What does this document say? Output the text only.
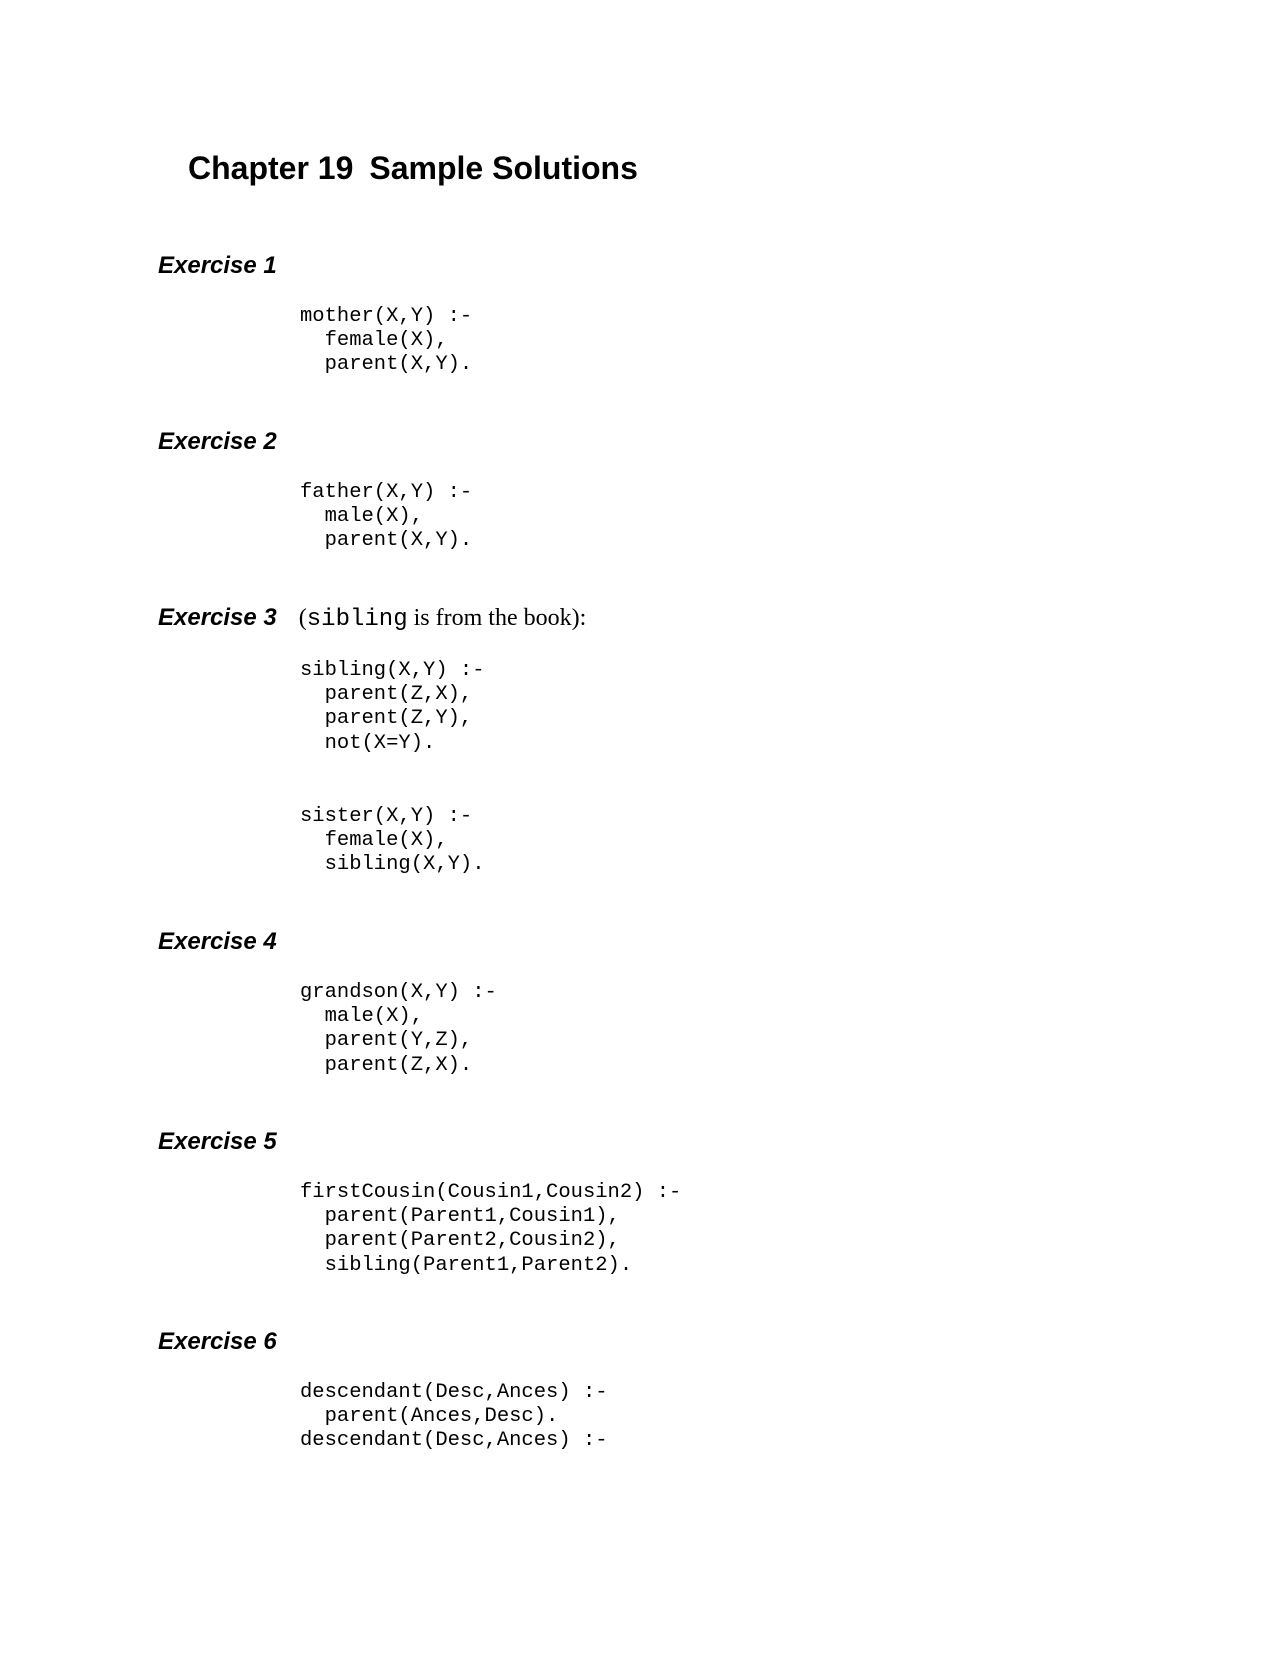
Chapter 19 Sample Solutions
Exercise 1
mother(X,Y) :-
female(X),
parent(X,Y).
Exercise 2
father(X,Y) :-
male(X),
parent(X,Y).
Exercise 3 (sibling is from the book):
sibling(X,Y) :-
parent(Z,X),
parent(Z,Y),
not(X=Y).
sister(X,Y) :-
female(X),
sibling(X,Y).
Exercise 4
grandson(X,Y) :-
male(X),
parent(Y,Z),
parent(Z,X).
Exercise 5
firstCousin(Cousin1,Cousin2) :-
parent(Parent1,Cousin1),
parent(Parent2,Cousin2),
sibling(Parent1,Parent2).
Exercise 6
descendant(Desc,Ances) :-
parent(Ances,Desc).
descendant(Desc,Ances) :-
